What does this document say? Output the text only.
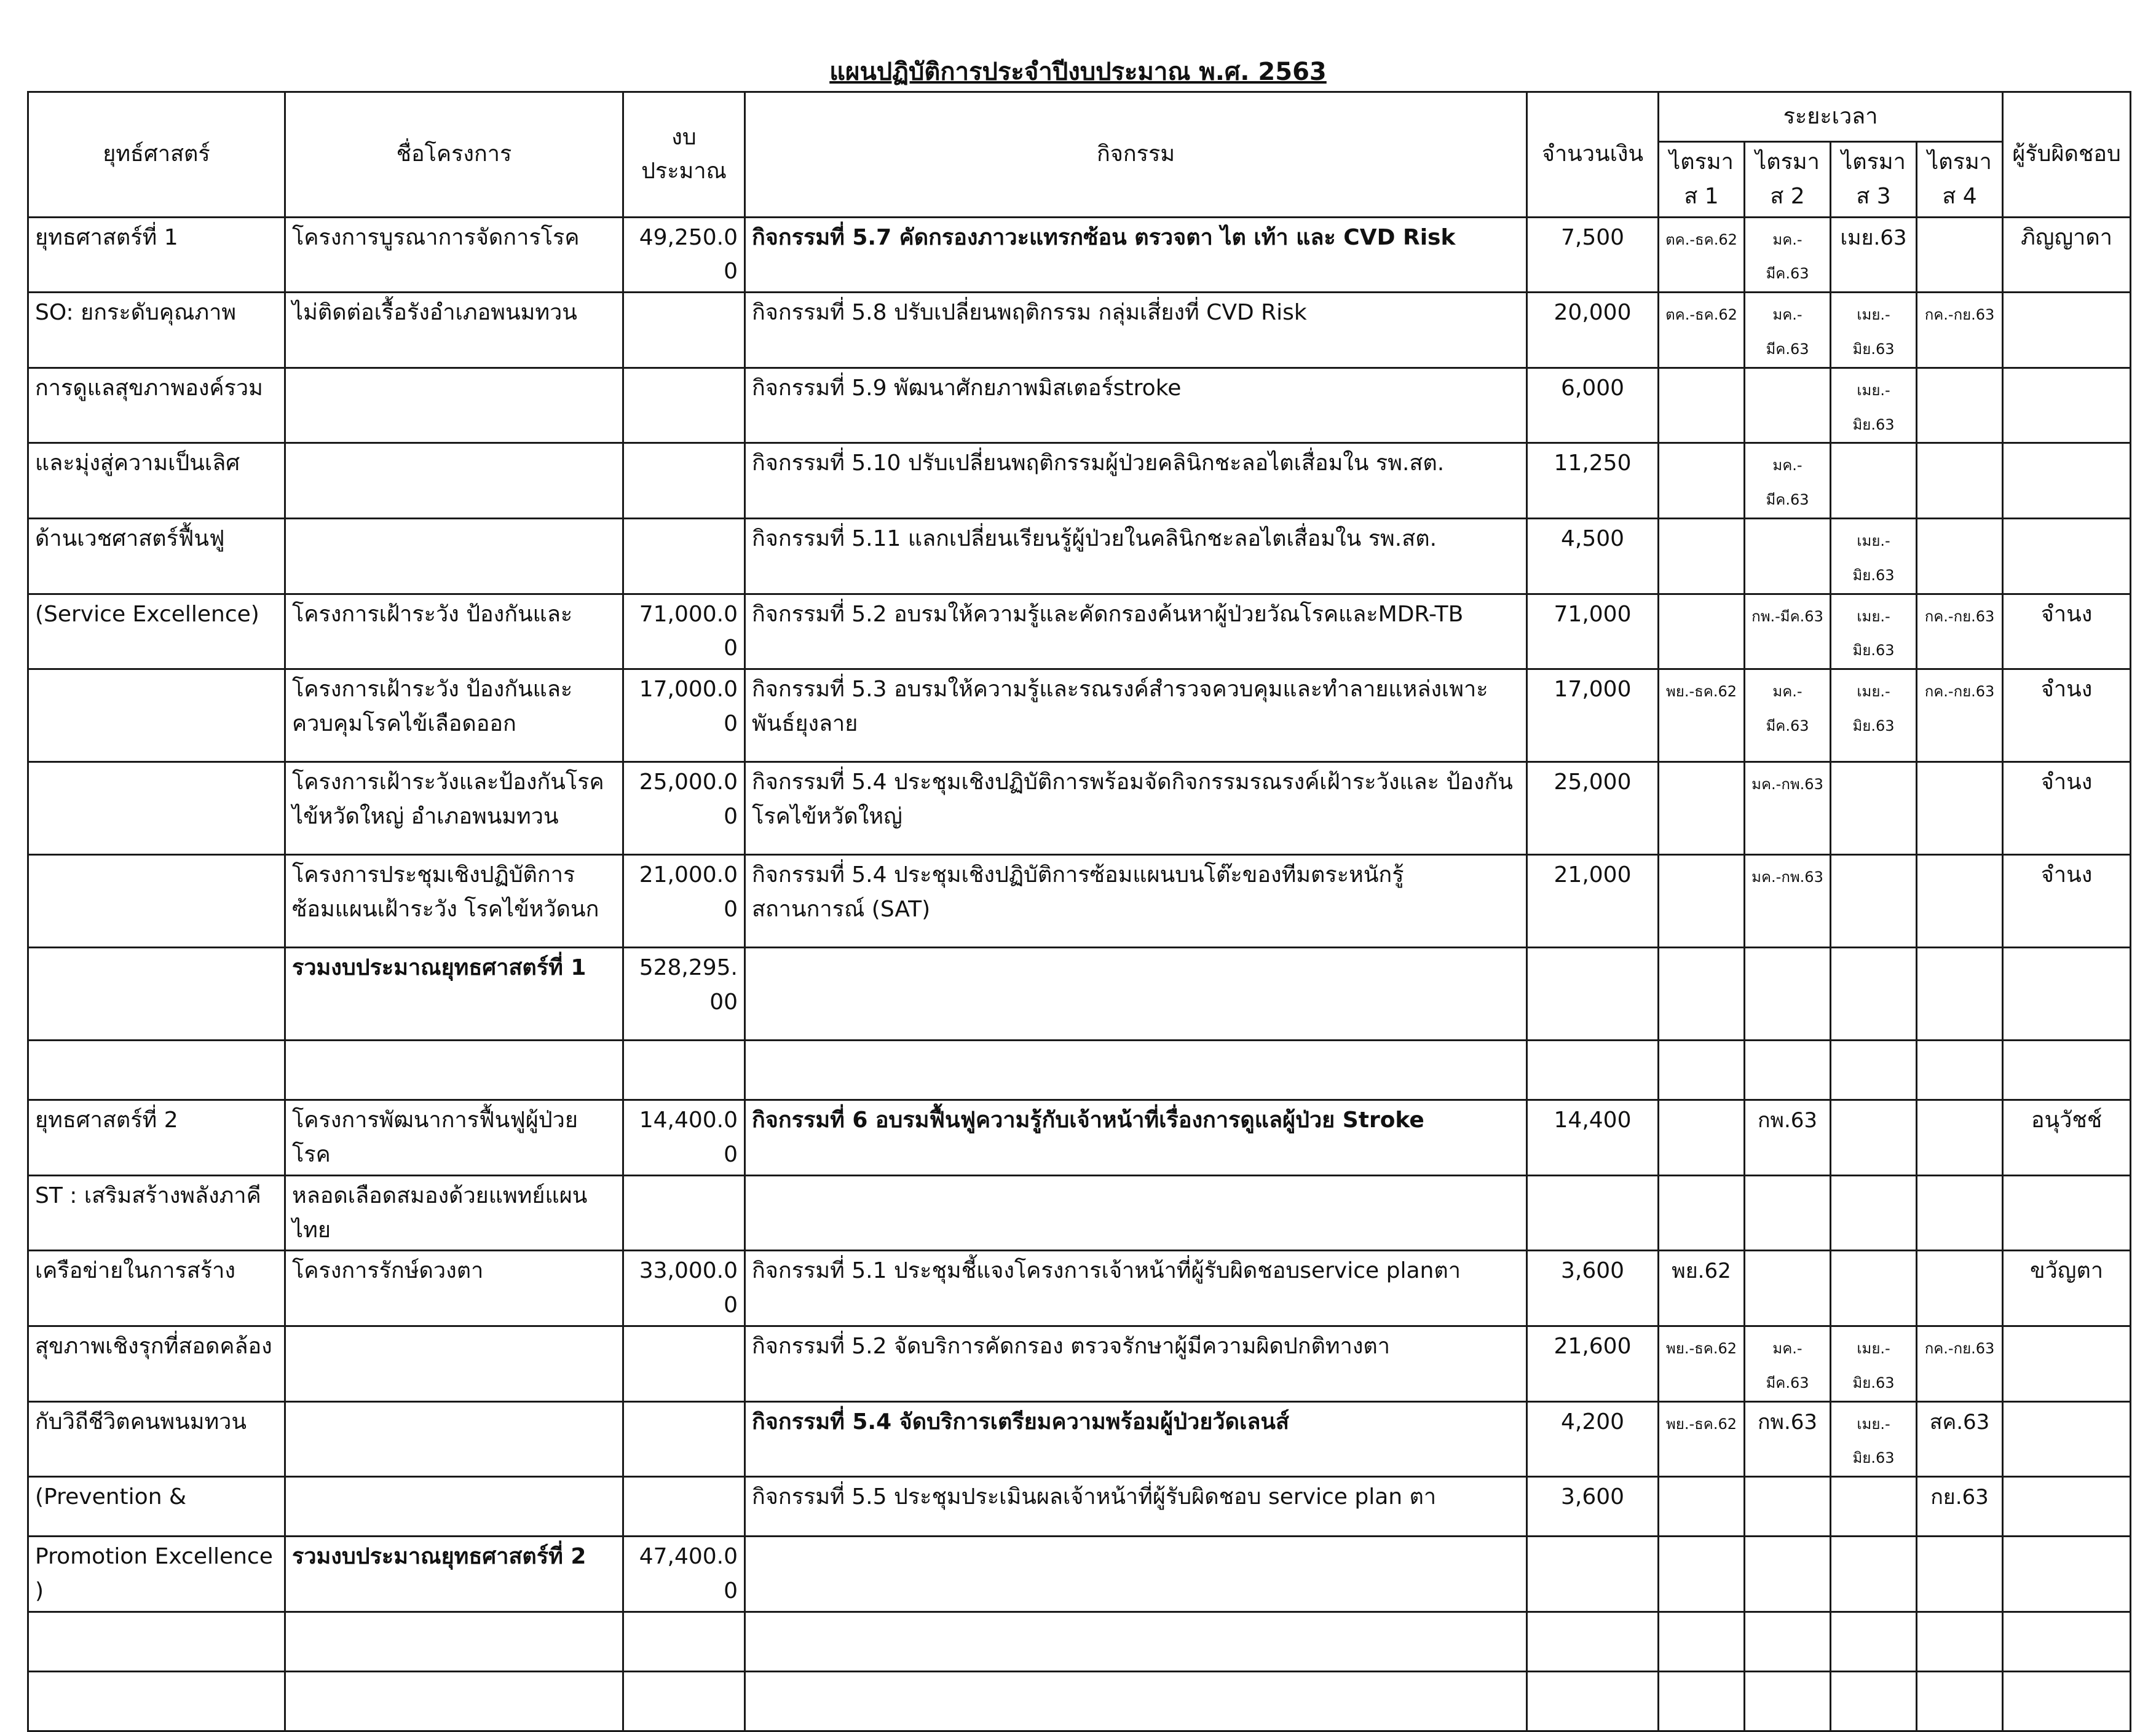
แผนปฏิบัติการประจำปีงบประมาณ พ.ศ. 2563
ยุทธ์ศาสตร์	ชื่อโครงการ	งบประมาณ	กิจกรรม	จำนวนเงิน	ระยะเวลา				ผู้รับผิดชอบ
					ไตรมาส 1	ไตรมาส 2	ไตรมาส 3	ไตรมาส 4	
ยุทธศาสตร์ที่ 1	โครงการบูรณาการจัดการโรค	49,250.00	กิจกรรมที่ 5.7 คัดกรองภาวะแทรกซ้อน ตรวจตา ไต เท้า และ CVD Risk	7,500	ตค.-ธค.62	มค.-มีค.63	เมย.63		ภิญญาดา
SO: ยกระดับคุณภาพ	ไม่ติดต่อเรื้อรังอำเภอพนมทวน		กิจกรรมที่ 5.8 ปรับเปลี่ยนพฤติกรรม กลุ่มเสี่ยงที่ CVD Risk	20,000	ตค.-ธค.62	มค.-มีค.63	เมย.-มิย.63	กค.-กย.63	
การดูแลสุขภาพองค์รวม			กิจกรรมที่ 5.9 พัฒนาศักยภาพมิสเตอร์stroke	6,000			เมย.-มิย.63		
และมุ่งสู่ความเป็นเลิศ			กิจกรรมที่ 5.10 ปรับเปลี่ยนพฤติกรรมผู้ป่วยคลินิกชะลอไตเสื่อมใน รพ.สต.	11,250		มค.-มีค.63			
ด้านเวชศาสตร์ฟื้นฟู			กิจกรรมที่ 5.11 แลกเปลี่ยนเรียนรู้ผู้ป่วยในคลินิกชะลอไตเสื่อมใน รพ.สต.	4,500			เมย.-มิย.63		
(Service Excellence)	โครงการเฝ้าระวัง ป้องกันและ	71,000.00	กิจกรรมที่ 5.2 อบรมให้ความรู้และคัดกรองค้นหาผู้ป่วยวัณโรคและMDR-TB	71,000		กพ.-มีค.63	เมย.-มิย.63	กค.-กย.63	จำนง
	โครงการเฝ้าระวัง ป้องกันและ ควบคุมโรคไข้เลือดออก	17,000.00	กิจกรรมที่ 5.3 อบรมให้ความรู้และรณรงค์สำรวจควบคุมและทำลายแหล่งเพาะพันธ์ยุงลาย	17,000	พย.-ธค.62	มค.-มีค.63	เมย.-มิย.63	กค.-กย.63	จำนง
	โครงการเฝ้าระวังและป้องกันโรค ไข้หวัดใหญ่ อำเภอพนมทวน	25,000.00	กิจกรรมที่ 5.4 ประชุมเชิงปฏิบัติการพร้อมจัดกิจกรรมรณรงค์เฝ้าระวังและ ป้องกันโรคไข้หวัดใหญ่	25,000		มค.-กพ.63			จำนง
	โครงการประชุมเชิงปฏิบัติการ ซ้อมแผนเฝ้าระวัง โรคไข้หวัดนก	21,000.00	กิจกรรมที่ 5.4 ประชุมเชิงปฏิบัติการซ้อมแผนบนโต๊ะของทีมตระหนักรู้ สถานการณ์ (SAT)	21,000		มค.-กพ.63			จำนง
	รวมงบประมาณยุทธศาสตร์ที่ 1	528,295.00							

ยุทธศาสตร์ที่ 2	โครงการพัฒนาการฟื้นฟูผู้ป่วยโรค	14,400.00	กิจกรรมที่ 6 อบรมฟื้นฟูความรู้กับเจ้าหน้าที่เรื่องการดูแลผู้ป่วย Stroke	14,400		กพ.63			อนุวัชช์
ST : เสริมสร้างพลังภาคี	หลอดเลือดสมองด้วยแพทย์แผนไทย								
เครือข่ายในการสร้าง	โครงการรักษ์ดวงตา	33,000.00	กิจกรรมที่ 5.1 ประชุมชี้แจงโครงการเจ้าหน้าที่ผู้รับผิดชอบservice planตา	3,600	พย.62				ขวัญตา
สุขภาพเชิงรุกที่สอดคล้อง			กิจกรรมที่ 5.2 จัดบริการคัดกรอง ตรวจรักษาผู้มีความผิดปกติทางตา	21,600	พย.-ธค.62	มค.-มีค.63	เมย.-มิย.63	กค.-กย.63	
กับวิถีชีวิตคนพนมทวน			กิจกรรมที่ 5.4 จัดบริการเตรียมความพร้อมผู้ป่วยวัดเลนส์	4,200	พย.-ธค.62	กพ.63	เมย.-มิย.63	สค.63	
(Prevention &			กิจกรรมที่ 5.5 ประชุมประเมินผลเจ้าหน้าที่ผู้รับผิดชอบ service plan ตา	3,600				กย.63	
Promotion Excellence )	รวมงบประมาณยุทธศาสตร์ที่ 2	47,400.00							
